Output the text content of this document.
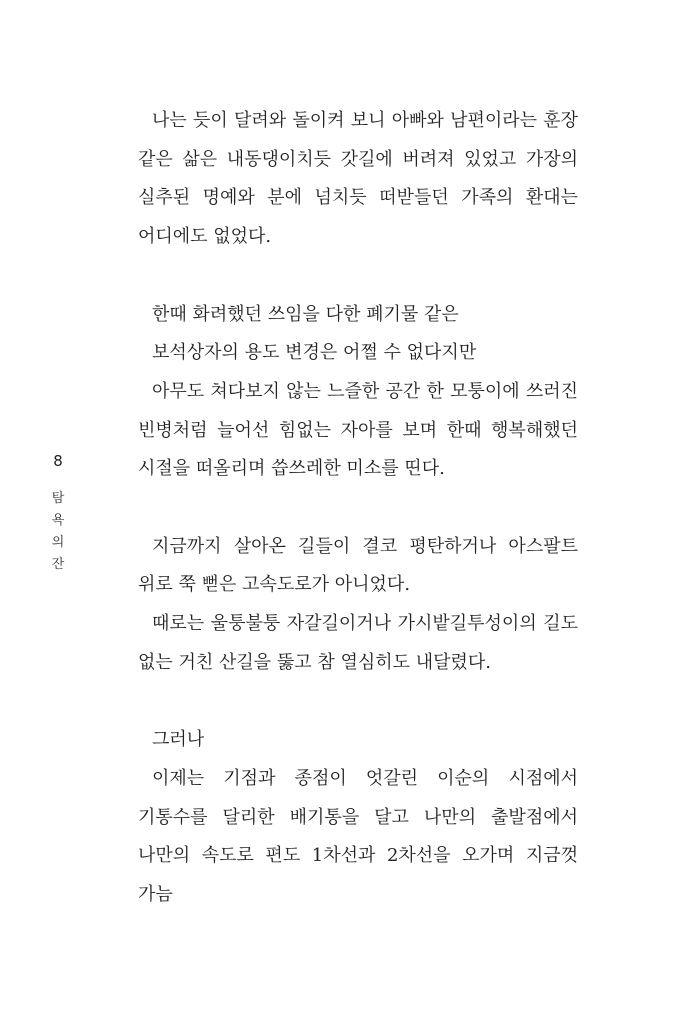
나는 듯이 달려와 돌이켜 보니 아빠와 남편이라는 훈장 같은 삶은 내동댕이치듯 갓길에 버려져 있었고 가장의 실추된 명예와 분에 넘치듯 떠받들던 가족의 환대는 어디에도 없었다.

한때 화려했던 쓰임을 다한 폐기물 같은

보석상자의 용도 변경은 어쩔 수 없다지만

아무도 쳐다보지 않는 느즐한 공간 한 모퉁이에 쓰러진 빈병처럼 늘어선 힘없는 자아를 보며 한때 행복해했던 시절을 떠올리며 씁쓰레한 미소를 띤다.

지금까지 살아온 길들이 결코 평탄하거나 아스팔트 위로 쭉 뻗은 고속도로가 아니었다.

때로는 울퉁불퉁 자갈길이거나 가시밭길투성이의 길도 없는 거친 산길을 뚫고 참 열심히도 내달렸다.

그러나

이제는 기점과 종점이 엇갈린 이순의 시점에서 기통수를 달리한 배기통을 달고 나만의 출발점에서 나만의 속도로 편도 1차선과 2차선을 오가며 지금껏 가늠

8
탐
욕
의
잔
